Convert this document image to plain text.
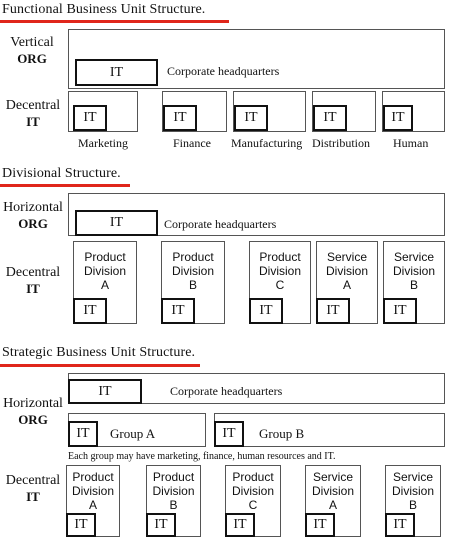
Functional Business Unit Structure.
Vertical
ORG
IT	Corporate headquarters
Decentral
IT	IT
Marketing
IT
Finance
IT
Manufacturing
IT
Distribution
IT
Human
Divisional Structure.
Horizontal
ORG	IT	Corporate headquarters
Decentral
IT
Product
Division
A
IT
Product
Division
B
IT
Product
Division
C
IT
Service
Division
A
IT
Service
Division
B
IT
Strategic Business Unit Structure.
Horizontal
ORG
IT	Corporate headquarters
IT	Group A	IT	Group B
Each group may have marketing, finance, human resources and IT.
Decentral
IT
Product
Division
A
IT
Product
Division
B
IT
Product
Division
C
IT
Service
Division
A
IT
Service
Division
B
IT
